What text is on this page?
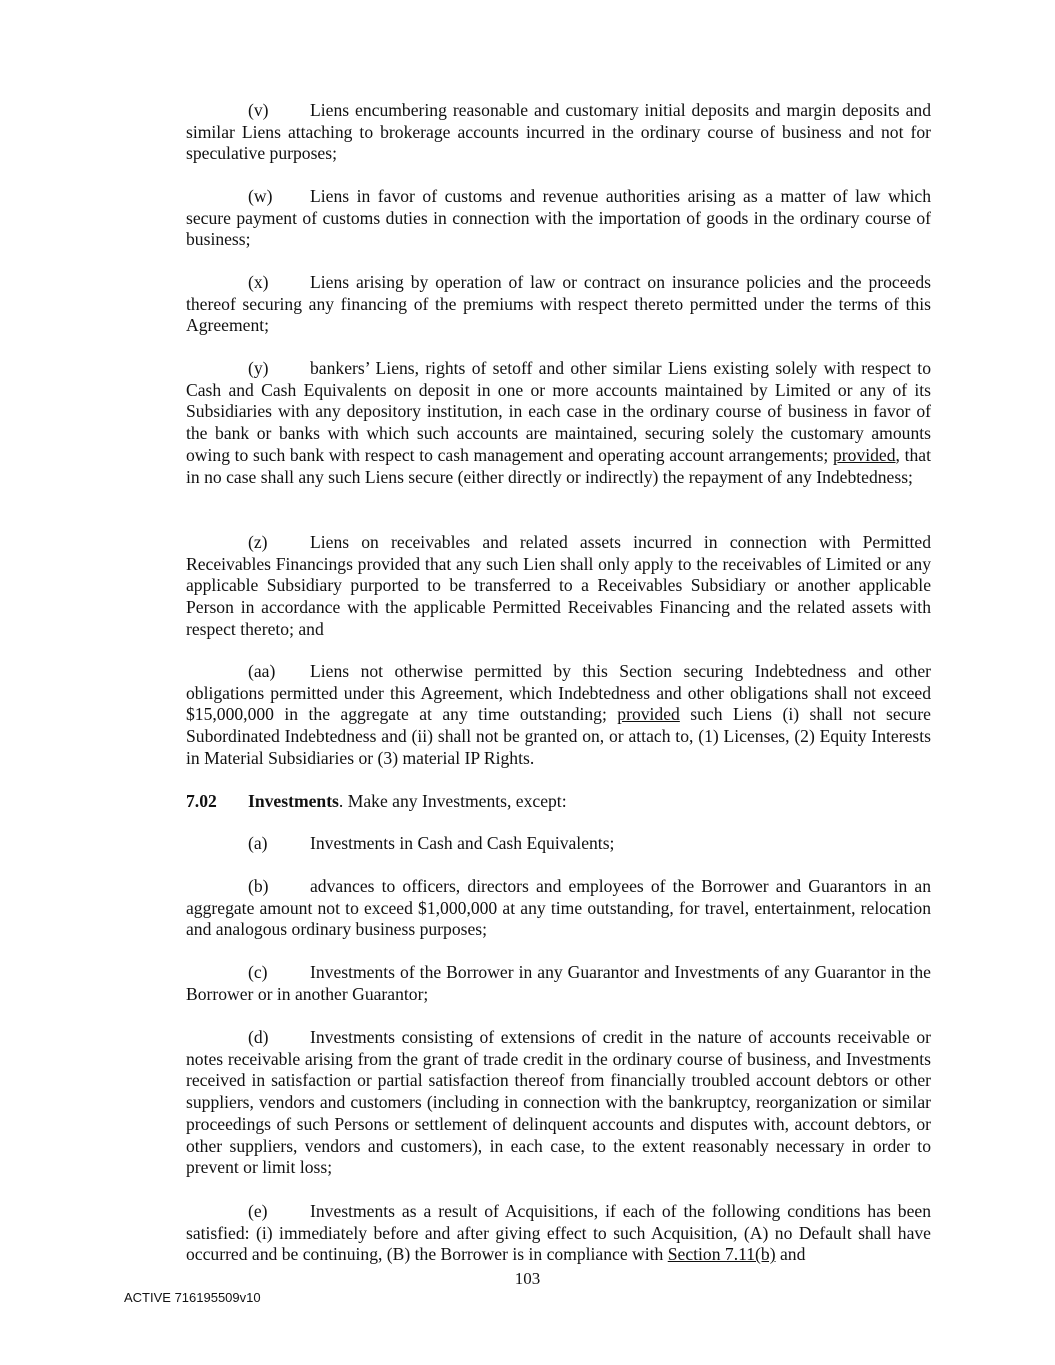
(v) Liens encumbering reasonable and customary initial deposits and margin deposits and similar Liens attaching to brokerage accounts incurred in the ordinary course of business and not for speculative purposes;

(w) Liens in favor of customs and revenue authorities arising as a matter of law which secure payment of customs duties in connection with the importation of goods in the ordinary course of business;

(x) Liens arising by operation of law or contract on insurance policies and the proceeds thereof securing any financing of the premiums with respect thereto permitted under the terms of this Agreement;

(y) bankers’ Liens, rights of setoff and other similar Liens existing solely with respect to Cash and Cash Equivalents on deposit in one or more accounts maintained by Limited or any of its Subsidiaries with any depository institution, in each case in the ordinary course of business in favor of the bank or banks with which such accounts are maintained, securing solely the customary amounts owing to such bank with respect to cash management and operating account arrangements; provided, that in no case shall any such Liens secure (either directly or indirectly) the repayment of any Indebtedness;

(z) Liens on receivables and related assets incurred in connection with Permitted Receivables Financings provided that any such Lien shall only apply to the receivables of Limited or any applicable Subsidiary purported to be transferred to a Receivables Subsidiary or another applicable Person in accordance with the applicable Permitted Receivables Financing and the related assets with respect thereto; and

(aa) Liens not otherwise permitted by this Section securing Indebtedness and other obligations permitted under this Agreement, which Indebtedness and other obligations shall not exceed $15,000,000 in the aggregate at any time outstanding; provided such Liens (i) shall not secure Subordinated Indebtedness and (ii) shall not be granted on, or attach to, (1) Licenses, (2) Equity Interests in Material Subsidiaries or (3) material IP Rights.

7.02 Investments. Make any Investments, except:

(a) Investments in Cash and Cash Equivalents;

(b) advances to officers, directors and employees of the Borrower and Guarantors in an aggregate amount not to exceed $1,000,000 at any time outstanding, for travel, entertainment, relocation and analogous ordinary business purposes;

(c) Investments of the Borrower in any Guarantor and Investments of any Guarantor in the Borrower or in another Guarantor;

(d) Investments consisting of extensions of credit in the nature of accounts receivable or notes receivable arising from the grant of trade credit in the ordinary course of business, and Investments received in satisfaction or partial satisfaction thereof from financially troubled account debtors or other suppliers, vendors and customers (including in connection with the bankruptcy, reorganization or similar proceedings of such Persons or settlement of delinquent accounts and disputes with, account debtors, or other suppliers, vendors and customers), in each case, to the extent reasonably necessary in order to prevent or limit loss;

(e) Investments as a result of Acquisitions, if each of the following conditions has been satisfied: (i) immediately before and after giving effect to such Acquisition, (A) no Default shall have occurred and be continuing, (B) the Borrower is in compliance with Section 7.11(b) and

103
ACTIVE 716195509v10
